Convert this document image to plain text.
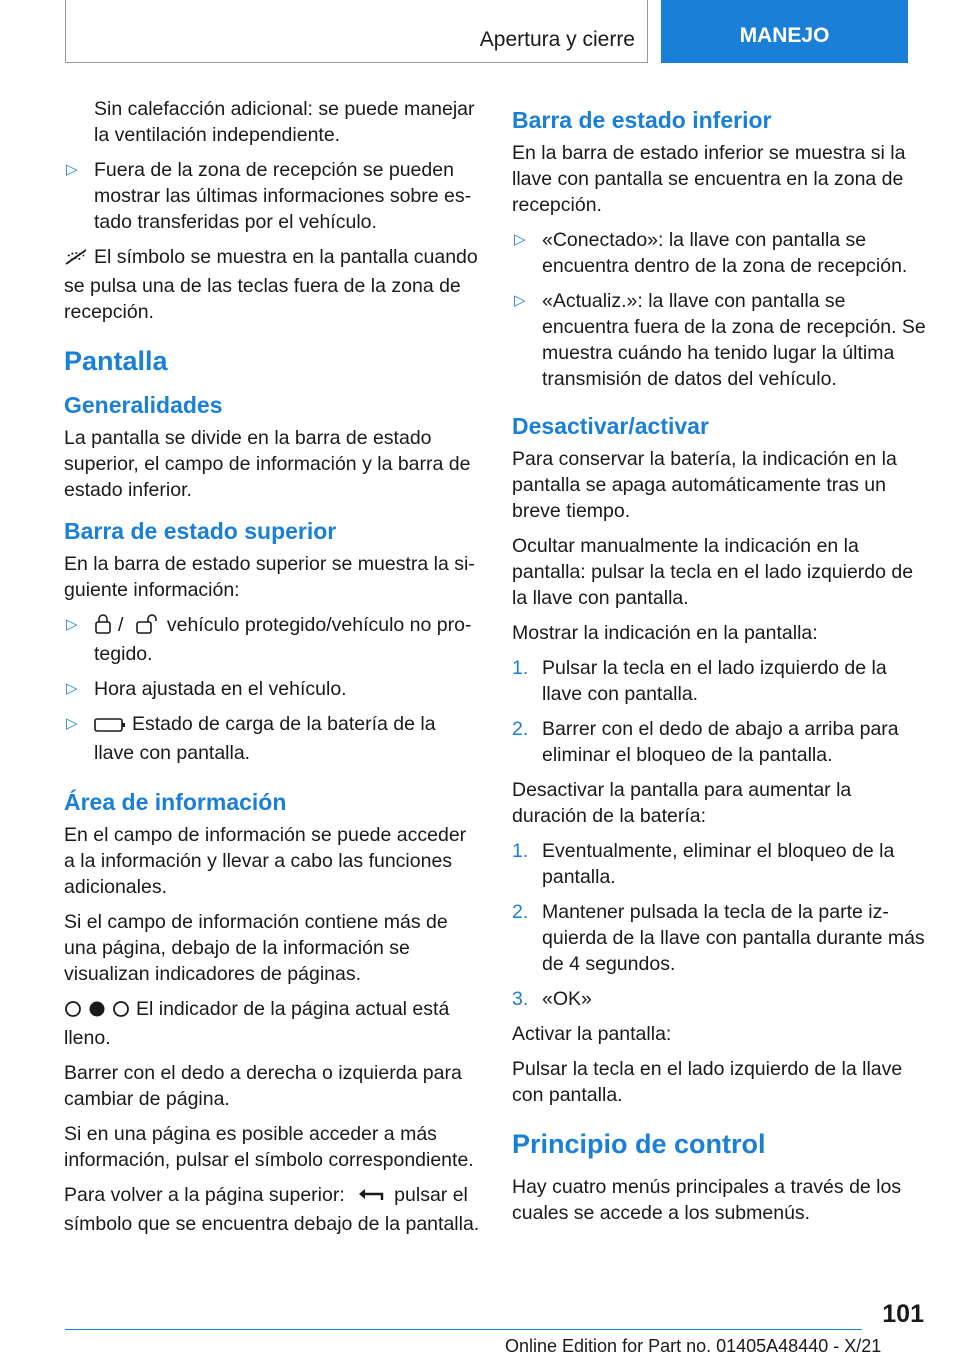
Apertura y cierre	MANEJO

Sin calefacción adicional: se puede manejar la ventilación independiente.

▷ Fuera de la zona de recepción se pueden mostrar las últimas informaciones sobre estado transferidas por el vehículo.

El símbolo se muestra en la pantalla cuando se pulsa una de las teclas fuera de la zona de recepción.

Pantalla
Generalidades

La pantalla se divide en la barra de estado superior, el campo de información y la barra de estado inferior.

Barra de estado superior

En la barra de estado superior se muestra la siguiente información:

▷ / vehículo protegido/vehículo no protegido.
▷ Hora ajustada en el vehículo.
▷	Estado de carga de la batería de la llave con pantalla.
Área de información

En el campo de información se puede acceder a la información y llevar a cabo las funciones adicionales.

Si el campo de información contiene más de una página, debajo de la información se visualizan indicadores de páginas.

El indicador de la página actual está lleno.

Barrer con el dedo a derecha o izquierda para cambiar de página.

Si en una página es posible acceder a más información, pulsar el símbolo correspondiente.

Para volver a la página superior:	pulsar el símbolo que se encuentra debajo de la pantalla.

Barra de estado inferior

En la barra de estado inferior se muestra si la llave con pantalla se encuentra en la zona de recepción.

▷ «Conectado»: la llave con pantalla se encuentra dentro de la zona de recepción.
▷ «Actualiz.»: la llave con pantalla se encuentra fuera de la zona de recepción. Se muestra cuándo ha tenido lugar la última transmisión de datos del vehículo.
Desactivar/activar

Para conservar la batería, la indicación en la pantalla se apaga automáticamente tras un breve tiempo.

Ocultar manualmente la indicación en la pantalla: pulsar la tecla en el lado izquierdo de la llave con pantalla.

Mostrar la indicación en la pantalla:

1. Pulsar la tecla en el lado izquierdo de la llave con pantalla.
2. Barrer con el dedo de abajo a arriba para eliminar el bloqueo de la pantalla.

Desactivar la pantalla para aumentar la duración de la batería:

1. Eventualmente, eliminar el bloqueo de la pantalla.
2. Mantener pulsada la tecla de la parte izquierda de la llave con pantalla durante más de 4 segundos.
3. «OK»

Activar la pantalla:

Pulsar la tecla en el lado izquierdo de la llave con pantalla.

Principio de control

Hay cuatro menús principales a través de los cuales se accede a los submenús.

101
Online Edition for Part no. 01405A48440 - X/21
